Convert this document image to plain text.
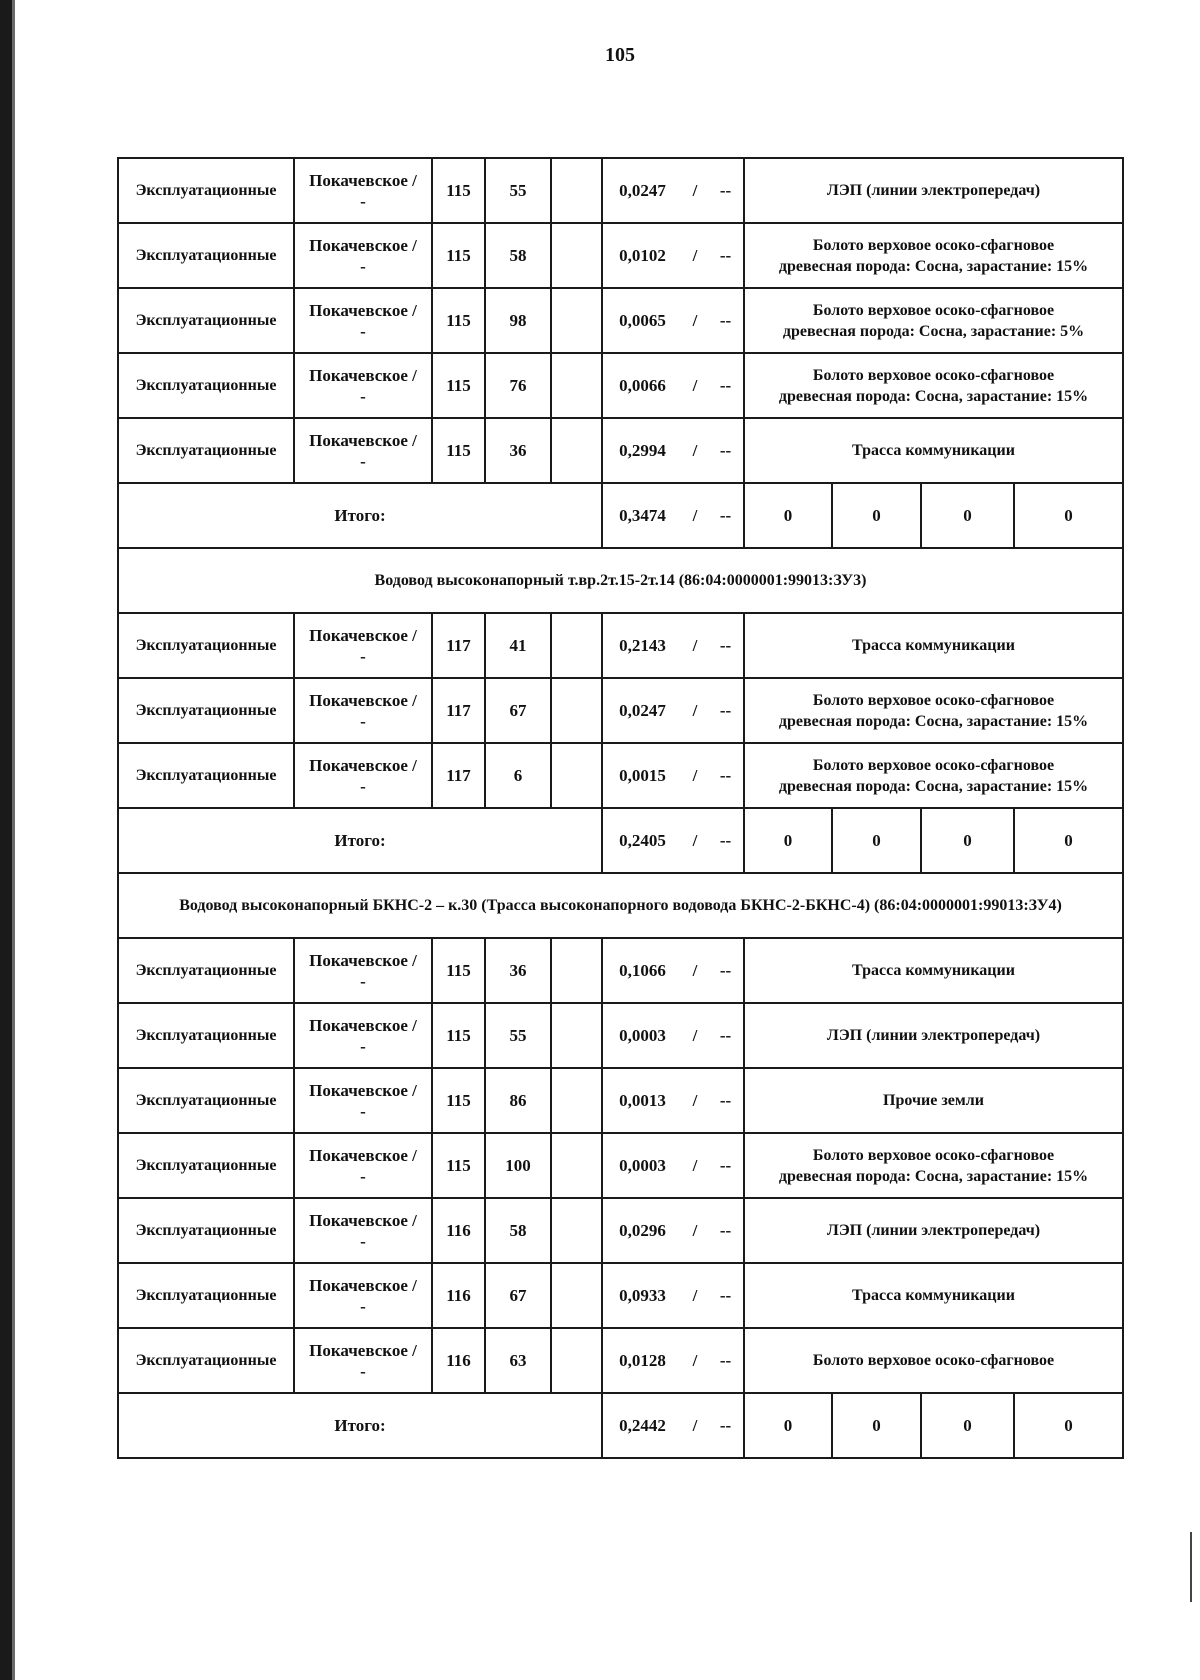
105
Эксплуатационные	Покачевское /
-	115	55		0,0247	/	--	ЛЭП (линии электропередач)			
Эксплуатационные	Покачевское /
-	115	58		0,0102	/	--	Болото верховое осоко-сфагновое
древесная порода: Сосна, зарастание: 15%			
Эксплуатационные	Покачевское /
-	115	98		0,0065	/	--	Болото верховое осоко-сфагновое
древесная порода: Сосна, зарастание: 5%			
Эксплуатационные	Покачевское /
-	115	76		0,0066	/	--	Болото верховое осоко-сфагновое
древесная порода: Сосна, зарастание: 15%			
Эксплуатационные	Покачевское /
-	115	36		0,2994	/	--	Трасса коммуникации			
Итого:					0,3474	/	--	0	0	0	0
Водовод высоконапорный т.вр.2т.15-2т.14 (86:04:0000001:99013:ЗУ3)											
Эксплуатационные	Покачевское /
-	117	41		0,2143	/	--	Трасса коммуникации			
Эксплуатационные	Покачевское /
-	117	67		0,0247	/	--	Болото верховое осоко-сфагновое
древесная порода: Сосна, зарастание: 15%			
Эксплуатационные	Покачевское /
-	117	6		0,0015	/	--	Болото верховое осоко-сфагновое
древесная порода: Сосна, зарастание: 15%			
Итого:					0,2405	/	--	0	0	0	0
Водовод высоконапорный БКНС-2 – к.30 (Трасса высоконапорного водовода БКНС-2-БКНС-4) (86:04:0000001:99013:ЗУ4)											
Эксплуатационные	Покачевское /
-	115	36		0,1066	/	--	Трасса коммуникации			
Эксплуатационные	Покачевское /
-	115	55		0,0003	/	--	ЛЭП (линии электропередач)			
Эксплуатационные	Покачевское /
-	115	86		0,0013	/	--	Прочие земли			
Эксплуатационные	Покачевское /
-	115	100		0,0003	/	--	Болото верховое осоко-сфагновое
древесная порода: Сосна, зарастание: 15%			
Эксплуатационные	Покачевское /
-	116	58		0,0296	/	--	ЛЭП (линии электропередач)			
Эксплуатационные	Покачевское /
-	116	67		0,0933	/	--	Трасса коммуникации			
Эксплуатационные	Покачевское /
-	116	63		0,0128	/	--	Болото верховое осоко-сфагновое			
Итого:					0,2442	/	--	0	0	0	0
